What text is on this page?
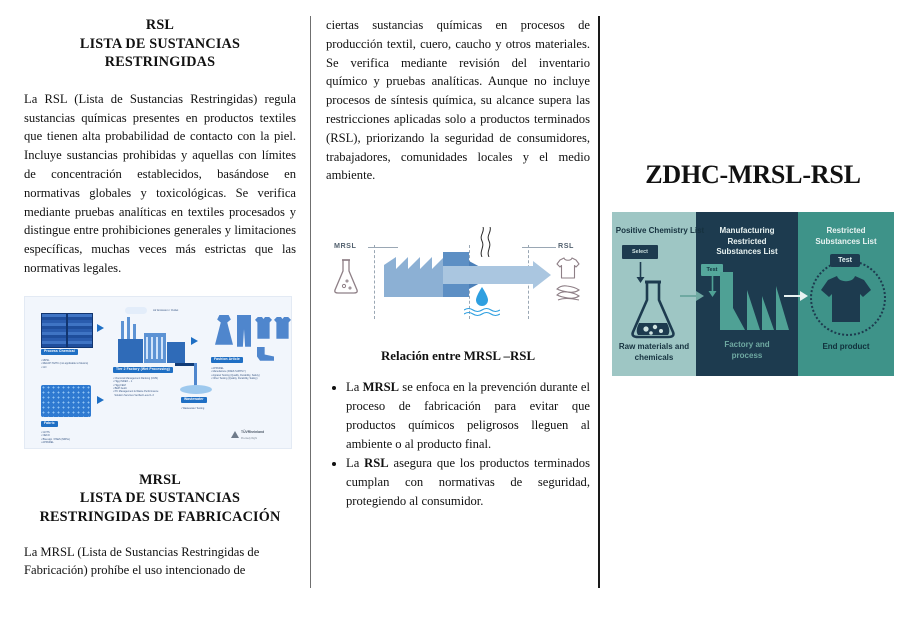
RSL
LISTA DE SUSTANCIAS
RESTRINGIDAS

La RSL (Lista de Sustancias Restringidas) regula sustancias químicas presentes en productos textiles que tienen alta probabilidad de contacto con la piel. Incluye sustancias prohibidas y aquellas con límites de concentración establecidos, basándose en normativas globales y toxicológicas. Se verifica mediante pruebas analíticas en textiles procesados y distingue entre prohibiciones generales y limitaciones específicas, muchas veces más estrictas que las normativas legales.

Process Chemical
• MRSL
• REACH SVHC (not applicable to Mexico)
• GO
Fabric
• GOTS
• OEKO
• Bluesign / PAES (MRSL)
• APPAREL
Air Emission / Outlet
Tier 2 Factory (Wet Processing)
• Chemical Management Ranking (CMS)
• Higg INDEX – 1
• Higg FEM
• BEPI Audit
• PC Management & Waste Performance
Solution Services Verified Level 1-3
Wastewater
• Wastewater Testing
Fashion Article
• APPAREL
• Manufacture (PAES SUPPLY)
• Apparel Testing (Quality, Durability, Safety)
• Other Testing (Quality, Durability, Safety)
TÜVRheinland
Precisely Right
MRSL
LISTA DE SUSTANCIAS
RESTRINGIDAS DE FABRICACIÓN

La MRSL (Lista de Sustancias Restringidas de Fabricación) prohíbe el uso intencionado de

ciertas sustancias químicas en procesos de producción textil, cuero, caucho y otros materiales. Se verifica mediante revisión del inventario químico y pruebas analíticas. Aunque no incluye procesos de síntesis química, su alcance supera las restricciones aplicadas solo a productos terminados (RSL), priorizando la seguridad de consumidores, trabajadores, comunidades locales y el medio ambiente.

MRSL	RSL
Relación entre MRSL –RSL
• La MRSL se enfoca en la prevención durante el proceso de fabricación para evitar que productos químicos peligrosos lleguen al ambiente o al producto final.
• La RSL asegura que los productos terminados cumplan con normativas de seguridad, protegiendo al consumidor.
ZDHC-MRSL-RSL
Positive Chemistry List
Select
Raw materials and
chemicals
Manufacturing
Restricted
Substances List
Test
Factory and
process
Restricted
Substances List
Test
End product
